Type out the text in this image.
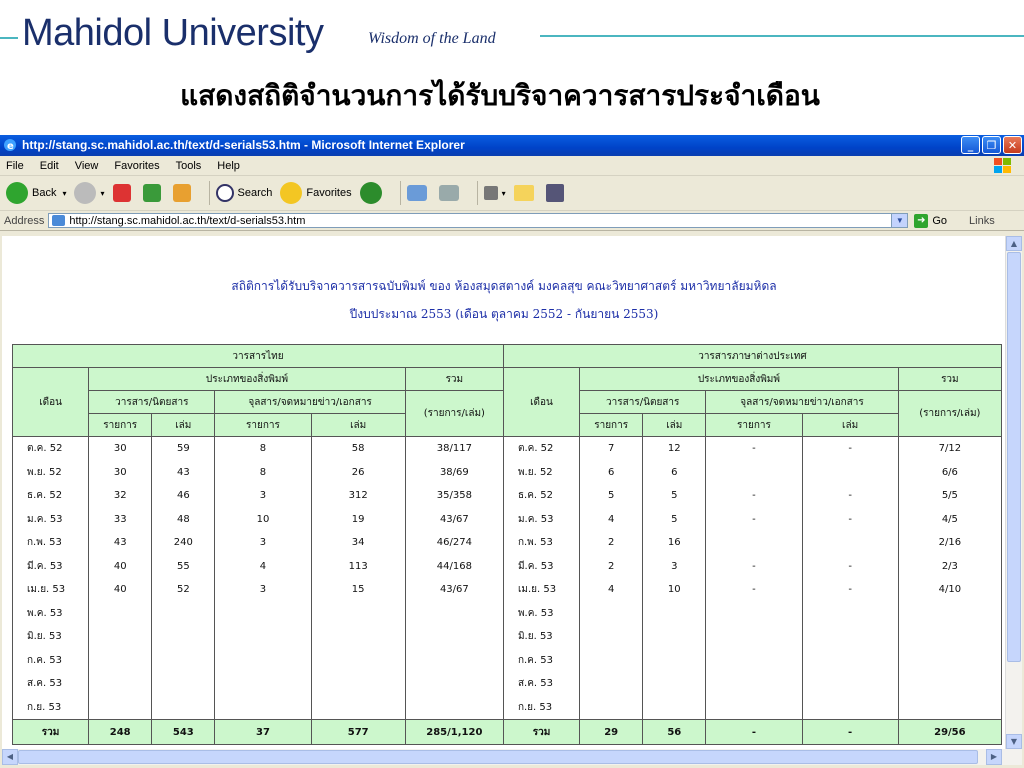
Mahidol University	Wisdom of the Land
แสดงสถิติจำนวนการได้รับบริจาควารสารประจำเดือน
e http://stang.sc.mahidol.ac.th/text/d-serials53.htm - Microsoft Internet Explorer	_	❐	✕
File Edit View Favorites Tools Help
Back ▾	▾	Search	Favorites	▾
Address http://stang.sc.mahidol.ac.th/text/d-serials53.htm	▼	➜ Go Links
สถิติการได้รับบริจาควารสารฉบับพิมพ์ ของ ห้องสมุดสตางค์ มงคลสุข คณะวิทยาศาสตร์ มหาวิทยาลัยมหิดล
ปีงบประมาณ 2553 (เดือน ตุลาคม 2552 - กันยายน 2553)
วารสารไทย						วารสารภาษาต่างประเทศ					
เดือน	ประเภทของสิ่งพิมพ์				รวม	เดือน	ประเภทของสิ่งพิมพ์				รวม
	วารสาร/นิตยสาร		จุลสาร/จดหมายข่าว/เอกสาร		(รายการ/เล่ม)		วารสาร/นิตยสาร		จุลสาร/จดหมายข่าว/เอกสาร		(รายการ/เล่ม)
	รายการ	เล่ม	รายการ	เล่ม			รายการ	เล่ม	รายการ	เล่ม	
ต.ค. 52	30	59	8	58	38/117	ต.ค. 52	7	12	-	-	7/12
พ.ย. 52	30	43	8	26	38/69	พ.ย. 52	6	6			6/6
ธ.ค. 52	32	46	3	312	35/358	ธ.ค. 52	5	5	-	-	5/5
ม.ค. 53	33	48	10	19	43/67	ม.ค. 53	4	5	-	-	4/5
ก.พ. 53	43	240	3	34	46/274	ก.พ. 53	2	16			2/16
มี.ค. 53	40	55	4	113	44/168	มี.ค. 53	2	3	-	-	2/3
เม.ย. 53	40	52	3	15	43/67	เม.ย. 53	4	10	-	-	4/10
พ.ค. 53						พ.ค. 53					
มิ.ย. 53						มิ.ย. 53					
ก.ค. 53						ก.ค. 53					
ส.ค. 53						ส.ค. 53					
ก.ย. 53						ก.ย. 53					
รวม	248	543	37	577	285/1,120	รวม	29	56	-	-	29/56
▲
▼
◀	▶
